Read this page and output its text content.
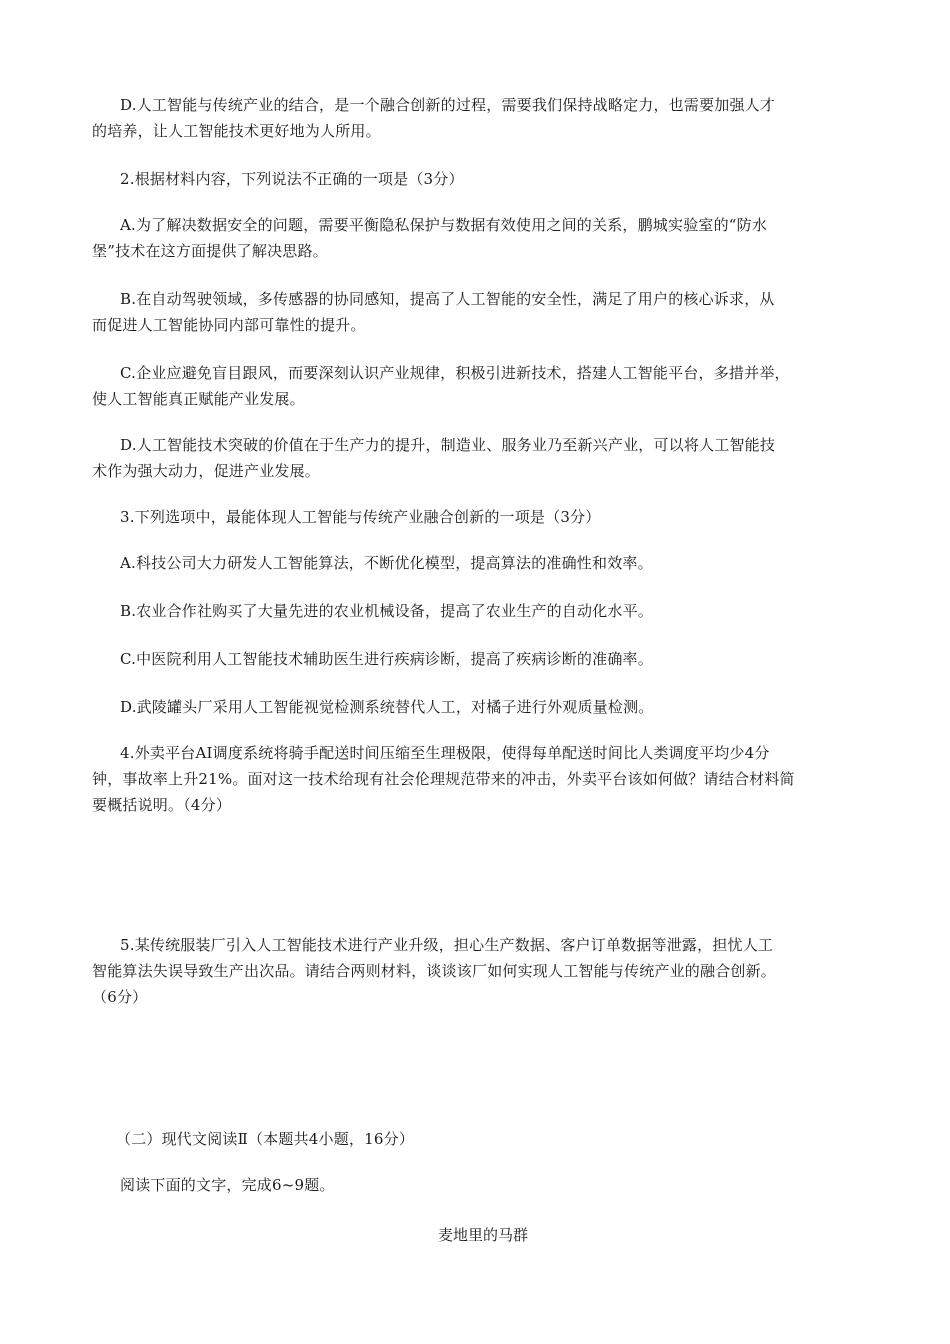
D.人工智能与传统产业的结合，是一个融合创新的过程，需要我们保持战略定力，也需要加强人才
的培养，让人工智能技术更好地为人所用。

2.根据材料内容，下列说法不正确的一项是（3分）

A.为了解决数据安全的问题，需要平衡隐私保护与数据有效使用之间的关系，鹏城实验室的“防水
堡”技术在这方面提供了解决思路。

B.在自动驾驶领域，多传感器的协同感知，提高了人工智能的安全性，满足了用户的核心诉求，从
而促进人工智能协同内部可靠性的提升。

C.企业应避免盲目跟风，而要深刻认识产业规律，积极引进新技术，搭建人工智能平台，多措并举，
使人工智能真正赋能产业发展。

D.人工智能技术突破的价值在于生产力的提升，制造业、服务业乃至新兴产业，可以将人工智能技
术作为强大动力，促进产业发展。

3.下列选项中，最能体现人工智能与传统产业融合创新的一项是（3分）

A.科技公司大力研发人工智能算法，不断优化模型，提高算法的准确性和效率。

B.农业合作社购买了大量先进的农业机械设备，提高了农业生产的自动化水平。

C.中医院利用人工智能技术辅助医生进行疾病诊断，提高了疾病诊断的准确率。

D.武陵罐头厂采用人工智能视觉检测系统替代人工，对橘子进行外观质量检测。

4.外卖平台AI调度系统将骑手配送时间压缩至生理极限，使得每单配送时间比人类调度平均少4分
钟，事故率上升21%。面对这一技术给现有社会伦理规范带来的冲击，外卖平台该如何做？请结合材料简
要概括说明。（4分）

5.某传统服装厂引入人工智能技术进行产业升级，担心生产数据、客户订单数据等泄露，担忧人工
智能算法失误导致生产出次品。请结合两则材料，谈谈该厂如何实现人工智能与传统产业的融合创新。
（6分）

（二）现代文阅读Ⅱ（本题共4小题，16分）

阅读下面的文字，完成6~9题。

麦地里的马群
